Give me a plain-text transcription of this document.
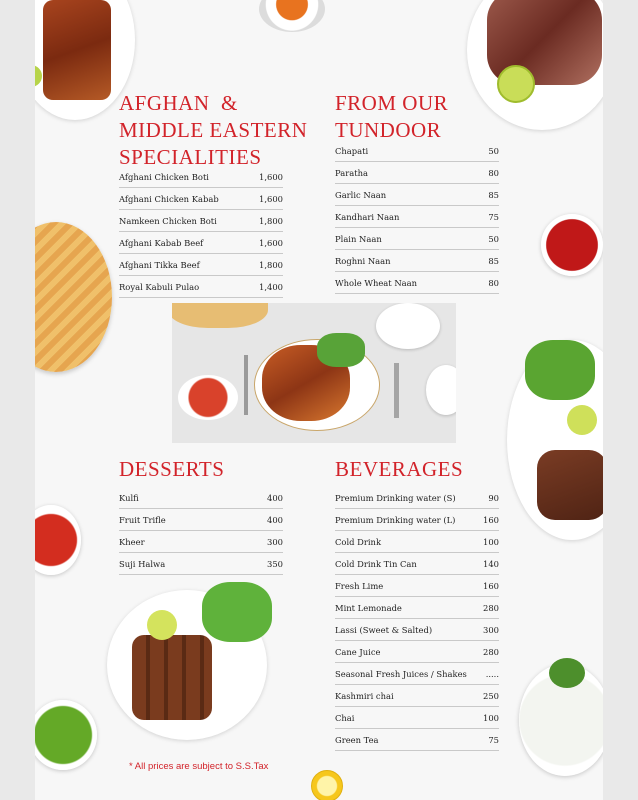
AFGHAN  &
MIDDLE EASTERN
SPECIALITIES
Afghani Chicken Boti	1,600
Afghani Chicken Kabab	1,600
Namkeen Chicken Boti	1,800
Afghani Kabab Beef	1,600
Afghani Tikka Beef	1,800
Royal Kabuli Pulao	1,400
FROM OUR
TUNDOOR
Chapati	50
Paratha	80
Garlic Naan	85
Kandhari Naan	75
Plain Naan	50
Roghni Naan	85
Whole Wheat Naan	80
DESSERTS
Kulfi	400
Fruit Trifle	400
Kheer	300
Suji Halwa	350
BEVERAGES
Premium Drinking water (S)	90
Premium Drinking water (L)	160
Cold Drink	100
Cold Drink Tin Can	140
Fresh Lime	160
Mint Lemonade	280
Lassi (Sweet & Salted)	300
Cane Juice	280
Seasonal Fresh Juices / Shakes .....
Kashmiri chai	250
Chai	100
Green Tea	75
* All prices are subject to S.S.Tax
